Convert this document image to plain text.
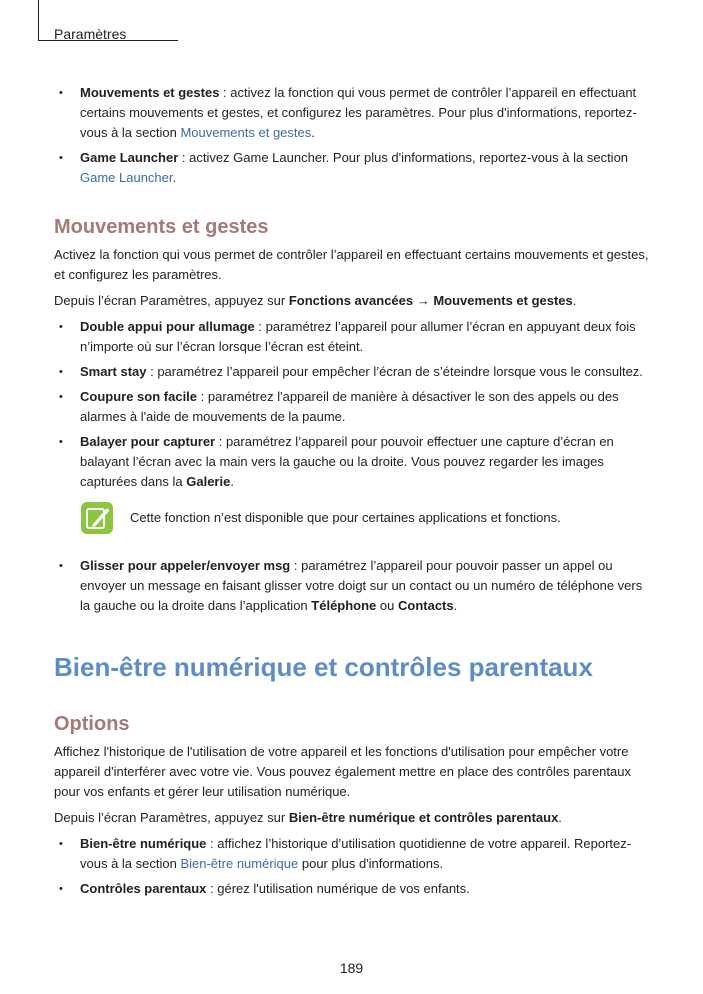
Paramètres
• Mouvements et gestes : activez la fonction qui vous permet de contrôler l’appareil en effectuant certains mouvements et gestes, et configurez les paramètres. Pour plus d'informations, reportez-vous à la section Mouvements et gestes.
• Game Launcher : activez Game Launcher. Pour plus d'informations, reportez-vous à la section Game Launcher.
Mouvements et gestes

Activez la fonction qui vous permet de contrôler l’appareil en effectuant certains mouvements et gestes, et configurez les paramètres.

Depuis l’écran Paramètres, appuyez sur Fonctions avancées → Mouvements et gestes.

• Double appui pour allumage : paramétrez l’appareil pour allumer l’écran en appuyant deux fois n’importe où sur l’écran lorsque l’écran est éteint.
• Smart stay : paramétrez l’appareil pour empêcher l’écran de s’éteindre lorsque vous le consultez.
• Coupure son facile : paramétrez l'appareil de manière à désactiver le son des appels ou des alarmes à l'aide de mouvements de la paume.
• Balayer pour capturer : paramétrez l’appareil pour pouvoir effectuer une capture d’écran en balayant l’écran avec la main vers la gauche ou la droite. Vous pouvez regarder les images capturées dans la Galerie.
Cette fonction n’est disponible que pour certaines applications et fonctions.
• Glisser pour appeler/envoyer msg : paramétrez l’appareil pour pouvoir passer un appel ou envoyer un message en faisant glisser votre doigt sur un contact ou un numéro de téléphone vers la gauche ou la droite dans l’application Téléphone ou Contacts.
Bien-être numérique et contrôles parentaux
Options

Affichez l'historique de l'utilisation de votre appareil et les fonctions d'utilisation pour empêcher votre appareil d'interférer avec votre vie. Vous pouvez également mettre en place des contrôles parentaux pour vos enfants et gérer leur utilisation numérique.

Depuis l’écran Paramètres, appuyez sur Bien-être numérique et contrôles parentaux.

• Bien-être numérique : affichez l’historique d’utilisation quotidienne de votre appareil. Reportez-vous à la section Bien-être numérique pour plus d'informations.
• Contrôles parentaux : gérez l'utilisation numérique de vos enfants.
189
